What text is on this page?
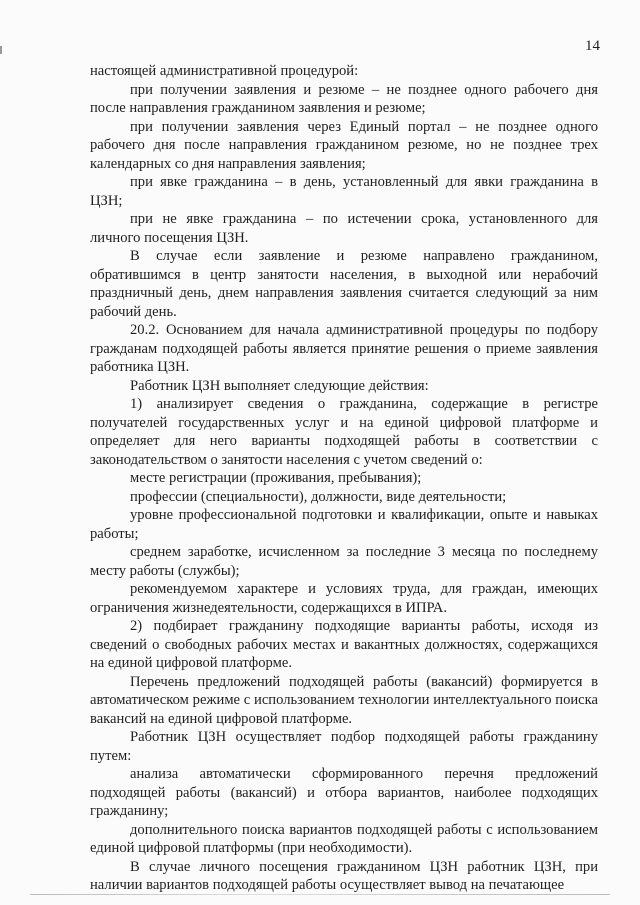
14

настоящей административной процедурой:

при получении заявления и резюме – не позднее одного рабочего дня после направления гражданином заявления и резюме;

при получении заявления через Единый портал – не позднее одного рабочего дня после направления гражданином резюме, но не позднее трех календарных со дня направления заявления;

при явке гражданина – в день, установленный для явки гражданина в ЦЗН;

при не явке гражданина – по истечении срока, установленного для личного посещения ЦЗН.

В случае если заявление и резюме направлено гражданином, обратившимся в центр занятости населения, в выходной или нерабочий праздничный день, днем направления заявления считается следующий за ним рабочий день.

20.2. Основанием для начала административной процедуры по подбору гражданам подходящей работы является принятие решения о приеме заявления работника ЦЗН.

Работник ЦЗН выполняет следующие действия:

1) анализирует сведения о гражданина, содержащие в регистре получателей государственных услуг и на единой цифровой платформе и определяет для него варианты подходящей работы в соответствии с законодательством о занятости населения с учетом сведений о:

месте регистрации (проживания, пребывания);

профессии (специальности), должности, виде деятельности;

уровне профессиональной подготовки и квалификации, опыте и навыках работы;

среднем заработке, исчисленном за последние 3 месяца по последнему месту работы (службы);

рекомендуемом характере и условиях труда, для граждан, имеющих ограничения жизнедеятельности, содержащихся в ИПРА.

2) подбирает гражданину подходящие варианты работы, исходя из сведений о свободных рабочих местах и вакантных должностях, содержащихся на единой цифровой платформе.

Перечень предложений подходящей работы (вакансий) формируется в автоматическом режиме с использованием технологии интеллектуального поиска вакансий на единой цифровой платформе.

Работник ЦЗН осуществляет подбор подходящей работы гражданину путем:

анализа автоматически сформированного перечня предложений подходящей работы (вакансий) и отбора вариантов, наиболее подходящих гражданину;

дополнительного поиска вариантов подходящей работы с использованием единой цифровой платформы (при необходимости).

В случае личного посещения гражданином ЦЗН работник ЦЗН, при наличии вариантов подходящей работы осуществляет вывод на печатающее
